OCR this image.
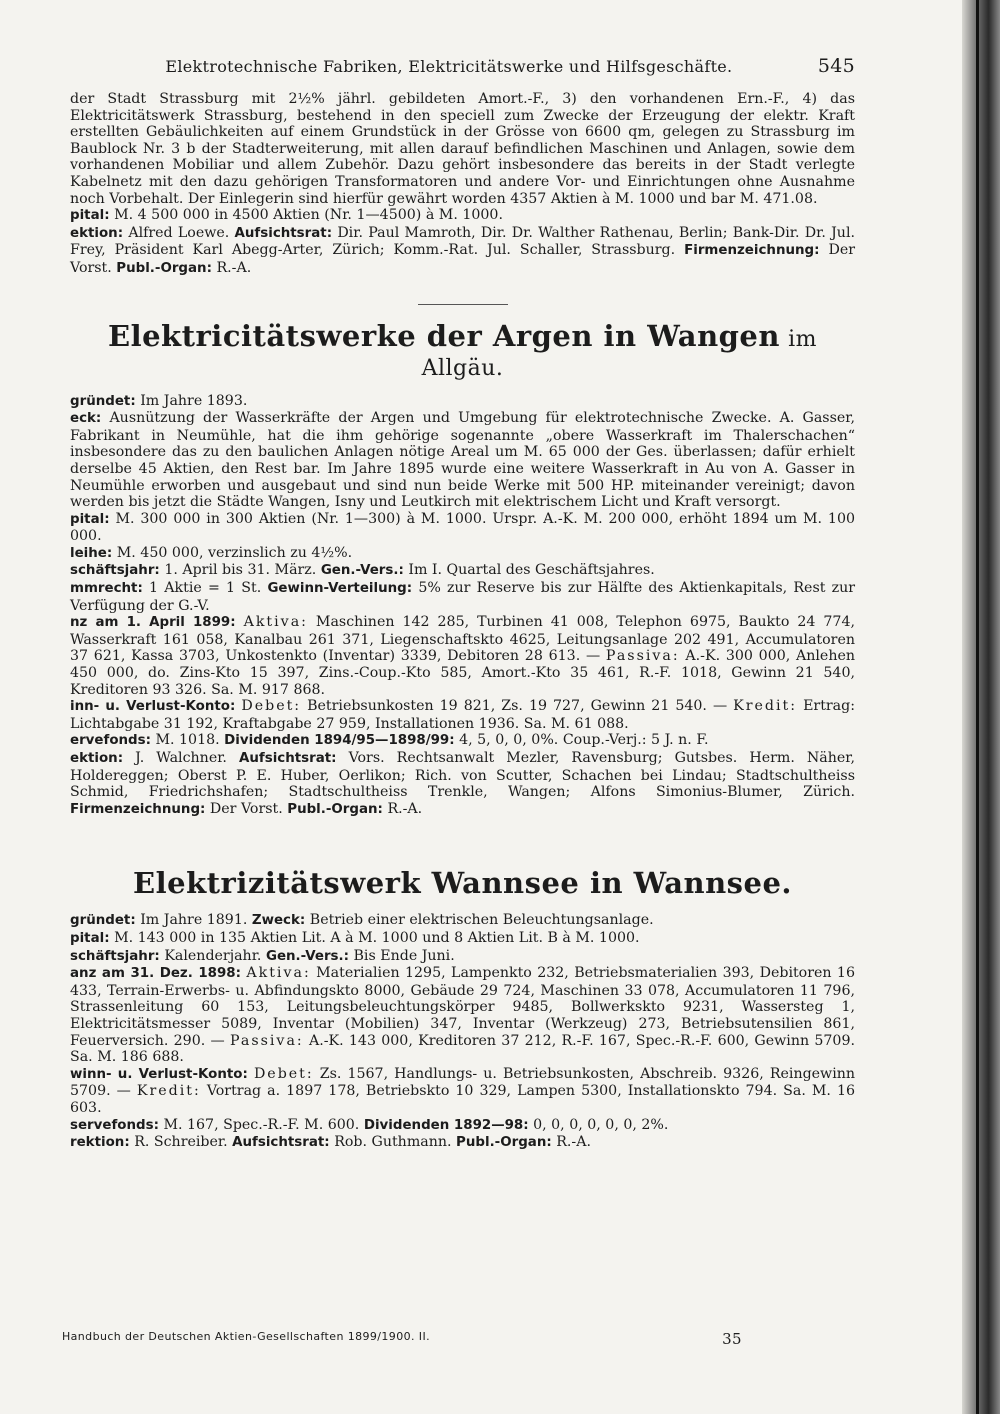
Elektrotechnische Fabriken, Elektricitätswerke und Hilfsgeschäfte.	545

der Stadt Strassburg mit 2½% jährl. gebildeten Amort.-F., 3) den vorhandenen Ern.-F., 4) das Elektricitätswerk Strassburg, bestehend in den speciell zum Zwecke der Erzeugung der elektr. Kraft erstellten Gebäulichkeiten auf einem Grundstück in der Grösse von 6600 qm, gelegen zu Strassburg im Baublock Nr. 3 b der Stadterweiterung, mit allen darauf befindlichen Maschinen und Anlagen, sowie dem vorhandenen Mobiliar und allem Zubehör. Dazu gehört insbesondere das bereits in der Stadt verlegte Kabelnetz mit den dazu gehörigen Transformatoren und andere Vor- und Einrichtungen ohne Ausnahme noch Vorbehalt. Der Einlegerin sind hierfür gewährt worden 4357 Aktien à M. 1000 und bar M. 471.08.

pital: M. 4 500 000 in 4500 Aktien (Nr. 1—4500) à M. 1000.

ektion: Alfred Loewe. Aufsichtsrat: Dir. Paul Mamroth, Dir. Dr. Walther Rathenau, Berlin; Bank-Dir. Dr. Jul. Frey, Präsident Karl Abegg-Arter, Zürich; Komm.-Rat. Jul. Schaller, Strassburg. Firmenzeichnung: Der Vorst. Publ.-Organ: R.-A.

Elektricitätswerke der Argen in Wangen im Allgäu.

gründet: Im Jahre 1893.

eck: Ausnützung der Wasserkräfte der Argen und Umgebung für elektrotechnische Zwecke. A. Gasser, Fabrikant in Neumühle, hat die ihm gehörige sogenannte „obere Wasserkraft im Thalerschachen“ insbesondere das zu den baulichen Anlagen nötige Areal um M. 65 000 der Ges. überlassen; dafür erhielt derselbe 45 Aktien, den Rest bar. Im Jahre 1895 wurde eine weitere Wasserkraft in Au von A. Gasser in Neumühle erworben und ausgebaut und sind nun beide Werke mit 500 HP. miteinander vereinigt; davon werden bis jetzt die Städte Wangen, Isny und Leutkirch mit elektrischem Licht und Kraft versorgt.

pital: M. 300 000 in 300 Aktien (Nr. 1—300) à M. 1000. Urspr. A.-K. M. 200 000, erhöht 1894 um M. 100 000.

leihe: M. 450 000, verzinslich zu 4½%.

schäftsjahr: 1. April bis 31. März. Gen.-Vers.: Im I. Quartal des Geschäftsjahres.

mmrecht: 1 Aktie = 1 St. Gewinn-Verteilung: 5% zur Reserve bis zur Hälfte des Aktienkapitals, Rest zur Verfügung der G.-V.

nz am 1. April 1899: Aktiva: Maschinen 142 285, Turbinen 41 008, Telephon 6975, Baukto 24 774, Wasserkraft 161 058, Kanalbau 261 371, Liegenschaftskto 4625, Leitungsanlage 202 491, Accumulatoren 37 621, Kassa 3703, Unkostenkto (Inventar) 3339, Debitoren 28 613. — Passiva: A.-K. 300 000, Anlehen 450 000, do. Zins-Kto 15 397, Zins.-Coup.-Kto 585, Amort.-Kto 35 461, R.-F. 1018, Gewinn 21 540, Kreditoren 93 326. Sa. M. 917 868.

inn- u. Verlust-Konto: Debet: Betriebsunkosten 19 821, Zs. 19 727, Gewinn 21 540. — Kredit: Ertrag: Lichtabgabe 31 192, Kraftabgabe 27 959, Installationen 1936. Sa. M. 61 088.

ervefonds: M. 1018. Dividenden 1894/95—1898/99: 4, 5, 0, 0, 0%. Coup.-Verj.: 5 J. n. F.

ektion: J. Walchner. Aufsichtsrat: Vors. Rechtsanwalt Mezler, Ravensburg; Gutsbes. Herm. Näher, Holdereggen; Oberst P. E. Huber, Oerlikon; Rich. von Scutter, Schachen bei Lindau; Stadtschultheiss Schmid, Friedrichshafen; Stadtschultheiss Trenkle, Wangen; Alfons Simonius-Blumer, Zürich. Firmenzeichnung: Der Vorst. Publ.-Organ: R.-A.

Elektrizitätswerk Wannsee in Wannsee.

gründet: Im Jahre 1891. Zweck: Betrieb einer elektrischen Beleuchtungsanlage.

pital: M. 143 000 in 135 Aktien Lit. A à M. 1000 und 8 Aktien Lit. B à M. 1000.

schäftsjahr: Kalenderjahr. Gen.-Vers.: Bis Ende Juni.

anz am 31. Dez. 1898: Aktiva: Materialien 1295, Lampenkto 232, Betriebsmaterialien 393, Debitoren 16 433, Terrain-Erwerbs- u. Abfindungskto 8000, Gebäude 29 724, Maschinen 33 078, Accumulatoren 11 796, Strassenleitung 60 153, Leitungsbeleuchtungskörper 9485, Bollwerkskto 9231, Wassersteg 1, Elektricitätsmesser 5089, Inventar (Mobilien) 347, Inventar (Werkzeug) 273, Betriebsutensilien 861, Feuerversich. 290. — Passiva: A.-K. 143 000, Kreditoren 37 212, R.-F. 167, Spec.-R.-F. 600, Gewinn 5709. Sa. M. 186 688.

winn- u. Verlust-Konto: Debet: Zs. 1567, Handlungs- u. Betriebsunkosten, Abschreib. 9326, Reingewinn 5709. — Kredit: Vortrag a. 1897 178, Betriebskto 10 329, Lampen 5300, Installationskto 794. Sa. M. 16 603.

servefonds: M. 167, Spec.-R.-F. M. 600. Dividenden 1892—98: 0, 0, 0, 0, 0, 0, 2%.

rektion: R. Schreiber. Aufsichtsrat: Rob. Guthmann. Publ.-Organ: R.-A.

Handbuch der Deutschen Aktien-Gesellschaften 1899/1900. II.	35
